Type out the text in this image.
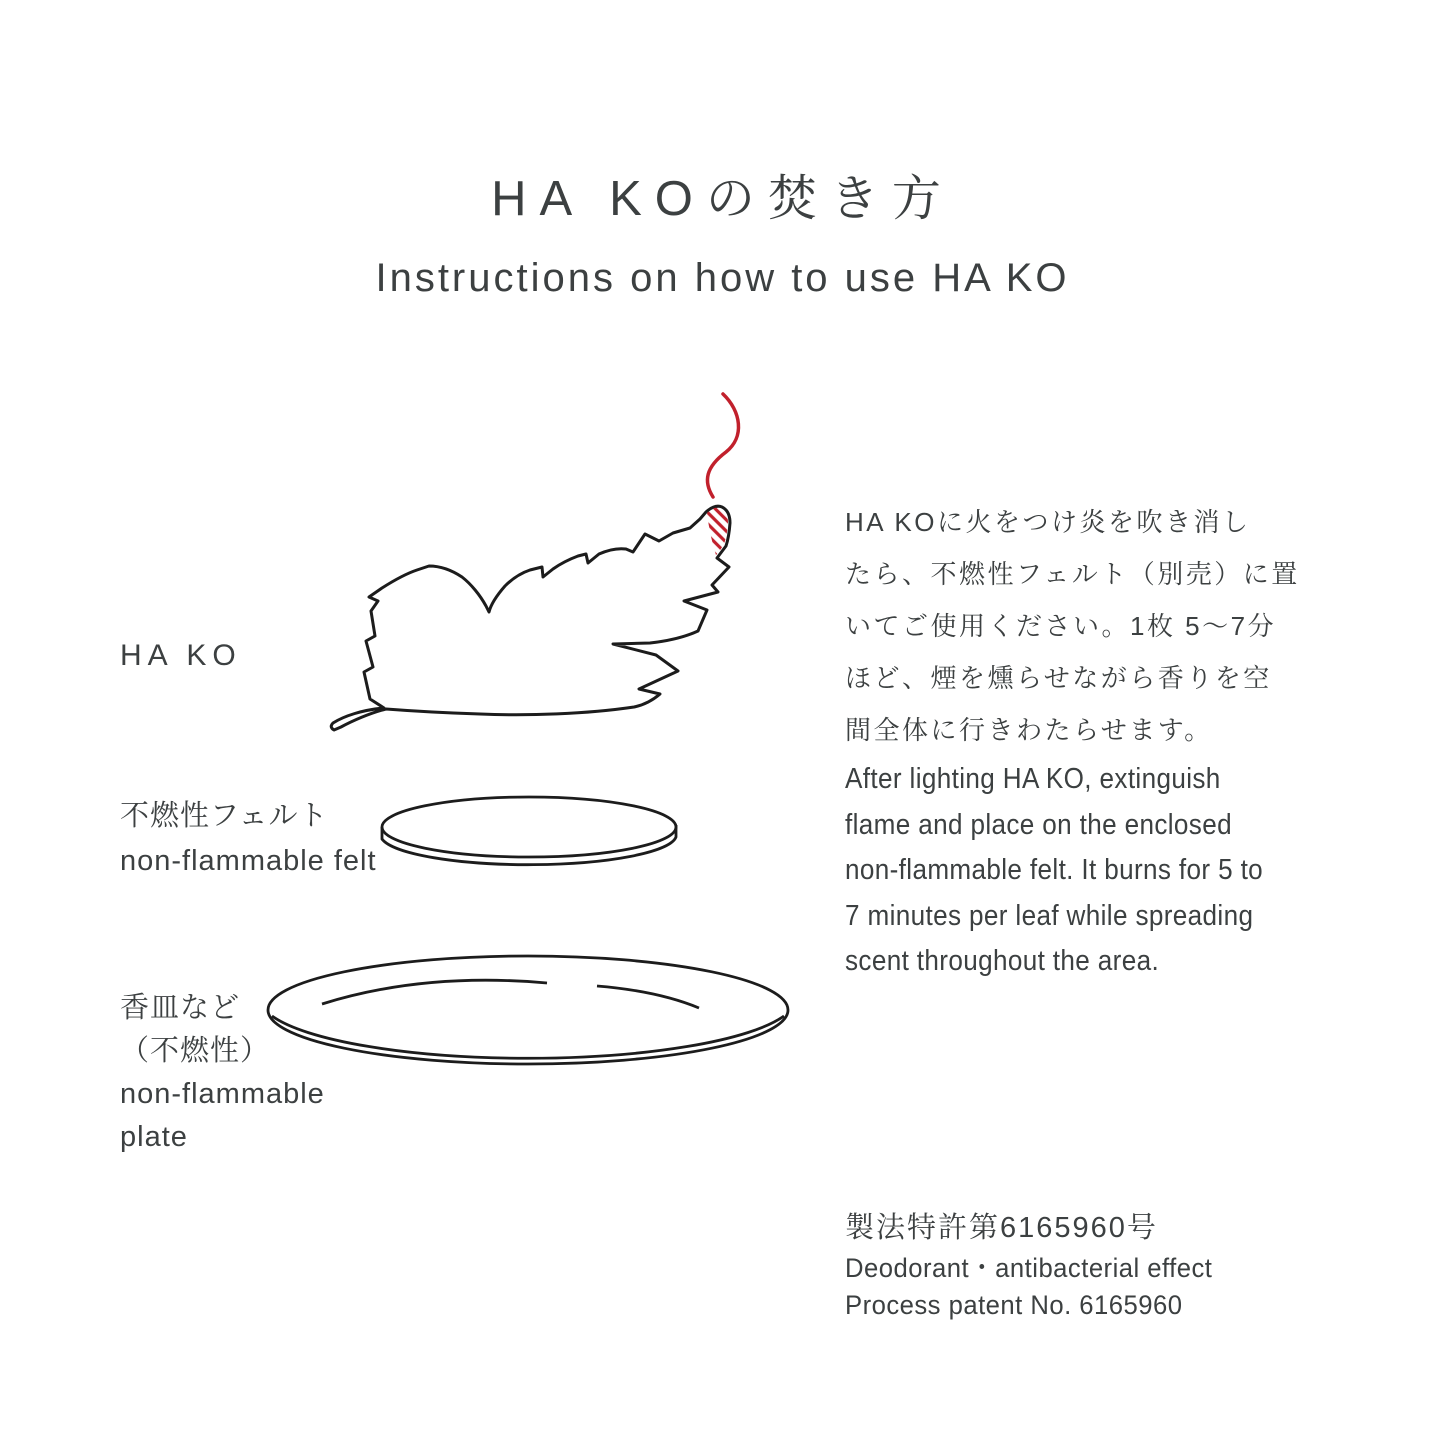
HA KOの焚き方
Instructions on how to use HA KO
HA KO
不燃性フェルト
non-flammable felt
香皿など
（不燃性）
non-flammable
plate
HA KOに火をつけ炎を吹き消し
たら、不燃性フェルト（別売）に置
いてご使用ください。1枚 5〜7分
ほど、煙を燻らせながら香りを空
間全体に行きわたらせます。
After lighting HA KO, extinguish
flame and place on the enclosed
non-flammable felt. It burns for 5 to
7 minutes per leaf while spreading
scent throughout the area.
製法特許第6165960号
Deodorant・antibacterial effect
Process patent No. 6165960
